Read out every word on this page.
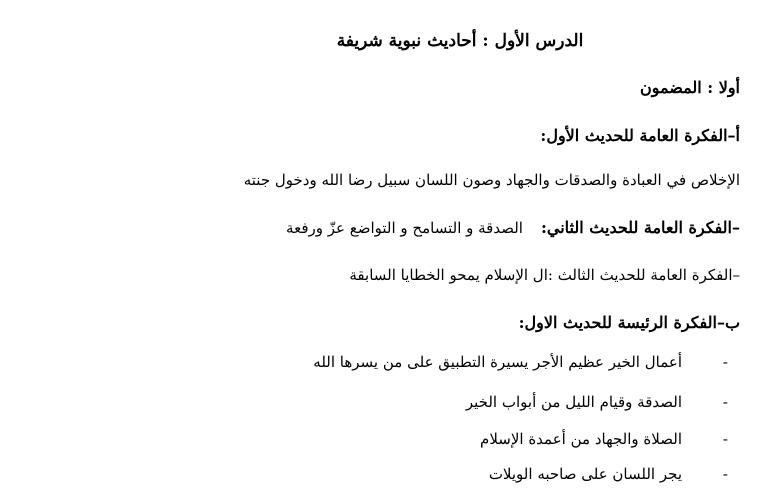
الدرس الأول : أحاديث نبوية شريفة
أولا : المضمون
أ–الفكرة العامة للحديث الأول:
الإخلاص في العبادة والصدقات والجهاد وصون اللسان سبيل رضا الله ودخول جنته
–الفكرة العامة للحديث الثاني:الصدقة و التسامح و التواضع عزّ ورفعة
–الفكرة العامة للحديث الثالث :ال الإسلام يمحو الخطايا السابقة
ب–الفكرة الرئيسة للحديث الاول:
-أعمال الخير عظيم الأجر يسيرة التطبيق على من يسرها الله
-الصدقة وقيام الليل من أبواب الخير
-الصلاة والجهاد من أعمدة الإسلام
-يجر اللسان على صاحبه الويلات
